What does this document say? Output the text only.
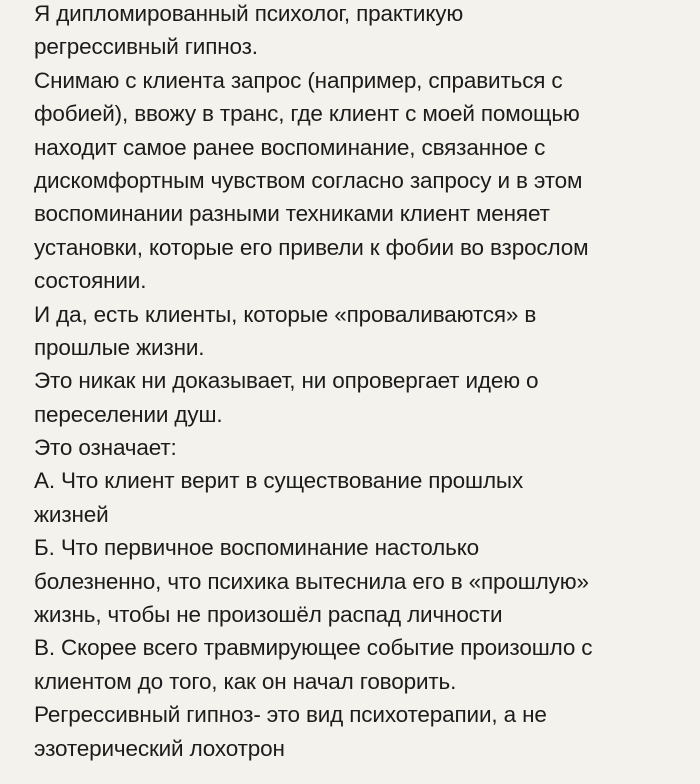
Я дипломированный психолог, практикую
регрессивный гипноз.
Снимаю с клиента запрос (например, справиться с
фобией), ввожу в транс, где клиент с моей помощью
находит самое ранее воспоминание, связанное с
дискомфортным чувством согласно запросу и в этом
воспоминании разными техниками клиент меняет
установки, которые его привели к фобии во взрослом
состоянии.
И да, есть клиенты, которые «проваливаются» в
прошлые жизни.
Это никак ни доказывает, ни опровергает идею о
переселении душ.
Это означает:
А. Что клиент верит в существование прошлых
жизней
Б. Что первичное воспоминание настолько
болезненно, что психика вытеснила его в «прошлую»
жизнь, чтобы не произошёл распад личности
В. Скорее всего травмирующее событие произошло с
клиентом до того, как он начал говорить.
Регрессивный гипноз- это вид психотерапии, а не
эзотерический лохотрон
